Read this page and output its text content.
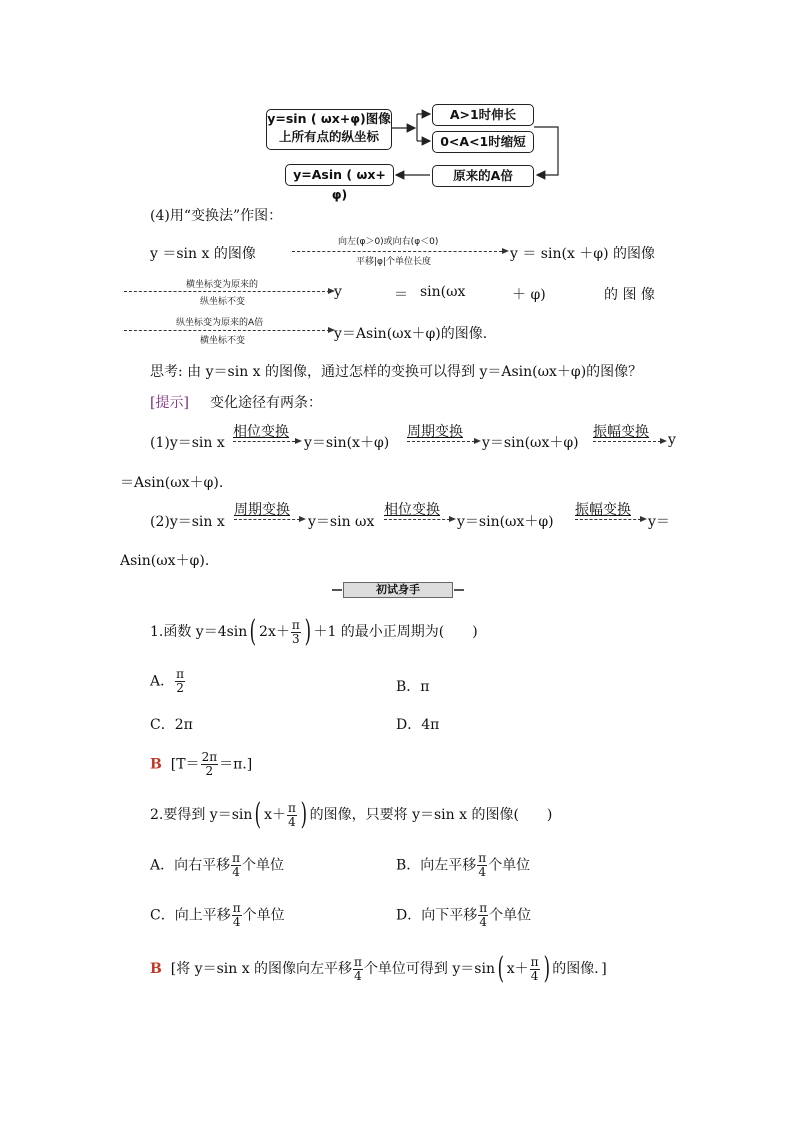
y=sin ( ωx+φ)图像
上所有点的纵坐标
A>1时伸长
0<A<1时缩短
原来的A倍
y=Asin ( ωx+ φ)
(4)用“变换法”作图：
y ＝sin x 的图像
向左(φ＞0)或向右(φ＜0)
平移|φ|个单位长度	y ＝ sin(x ＋φ) 的图像
横坐标变为原来的
纵坐标不变
y	＝ sin(ωx	＋ φ)	的 图 像
纵坐标变为原来的A倍
横坐标不变	y＝Asin(ωx＋φ)的图像.
思考: 由 y＝sin x 的图像，通过怎样的变换可以得到 y＝Asin(ωx＋φ)的图像？
[提示] 变化途径有两条：
(1)y＝sin x
相位变换
y＝sin(x＋φ)
周期变换
y＝sin(ωx＋φ)
振幅变换 y
＝Asin(ωx＋φ).
(2)y＝sin x
周期变换
y＝sin ωx
相位变换
y＝sin(ωx＋φ)
振幅变换
y＝
Asin(ωx＋φ).
初试身手
1.函数 y＝4sin( $2x+ \frac{\pi}{3}$ ) ＋1 的最小正周期为(　　)
A． $\frac{\pi}{2}$	B．π
C．2π	D．4π
B $[T= \frac{2\pi}{2} =\pi.]$
2.要得到 y＝sin( $x+ \frac{\pi}{4}$ ) 的图像，只要将 y＝sin x 的图像(　　)
A．向右平移 $\frac{\pi}{4}$ 个单位	B．向左平移 $\frac{\pi}{4}$ 个单位
C．向上平移 $\frac{\pi}{4}$ 个单位	D．向下平移 $\frac{\pi}{4}$ 个单位
B [将 y＝sin x 的图像向左平移 $\frac{\pi}{4}$ 个单位可得到 y＝sin( $x+ \frac{\pi}{4}$ ) 的图像．]
